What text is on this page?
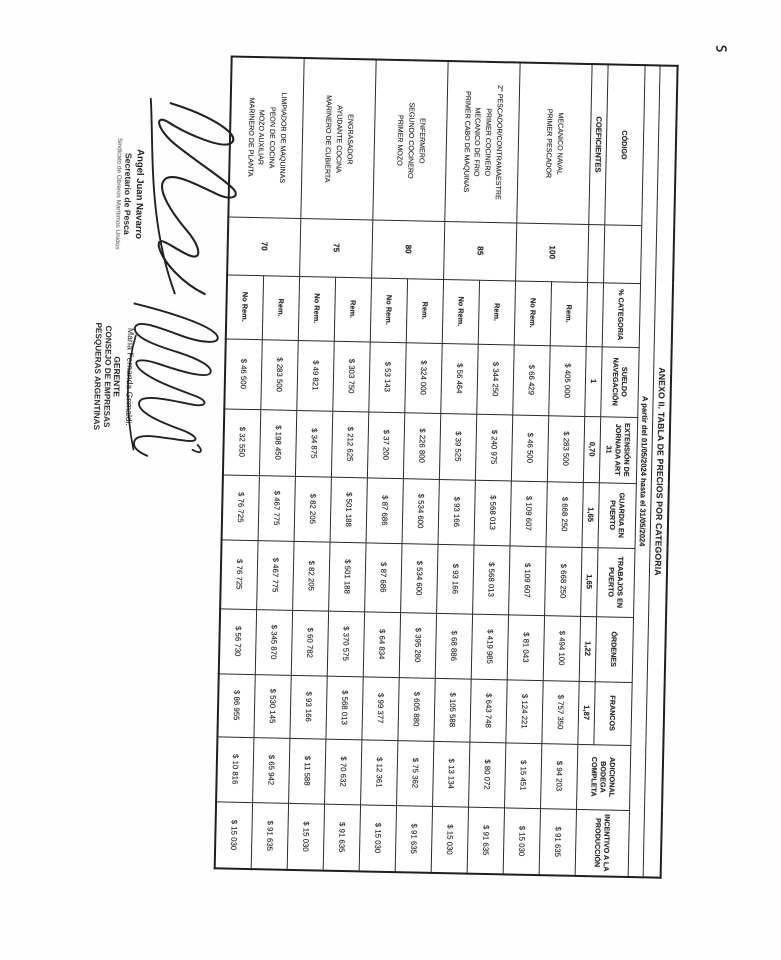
ANEXO II. TABLA DE PRECIOS POR CATEGORIA										
A partir del 01/05/2024 hasta el 31/05/2024										
CÓDIGO		% CATEGORIA	SUELDO NAVEGACIÓN	EXTENSIÓN DE JORNADA ART 31	GUARDIA EN PUERTO	TRABAJOS EN PUERTO	ÓRDENES	FRANCOS	ADICIONAL BODEGA COMPLETA	INCENTIVO A LA PRODUCCIÓN
COEFICIENTES			1	0,70	1,65	1,65	1,22	1,87		
MECANICO NAVAL
PRIMER PESCADOR	100	Rem.	$ 405 000	$ 283 500	$ 668 250	$ 668 250	$ 494 100	$ 757 350	$ 94 203	$ 91 635
		No Rem.	$ 66 429	$ 46 500	$ 109 607	$ 109 607	$ 81 043	$ 124 221	$ 15 451	$ 15 030
2° PESCADOR/CONTRAMAESTRE
PRIMER COCINERO
MECANICO DE FRIO
PRIMER CABO DE MAQUINAS	85	Rem.	$ 344 250	$ 240 975	$ 568 013	$ 568 013	$ 419 985	$ 643 748	$ 80 072	$ 91 635
		No Rem.	$ 56 464	$ 39 525	$ 93 166	$ 93 166	$ 68 886	$ 105 588	$ 13 134	$ 15 030
ENFERMERO
SEGUNDO COCINERO
PRIMER MOZO	80	Rem.	$ 324 000	$ 226 800	$ 534 600	$ 534 600	$ 395 280	$ 605 880	$ 75 362	$ 91 635
		No Rem.	$ 53 143	$ 37 200	$ 87 686	$ 87 686	$ 64 834	$ 99 377	$ 12 361	$ 15 030
ENGRASADOR
AYUDANTE COCINA
MARINERO DE CUBIERTA	75	Rem.	$ 303 750	$ 212 625	$ 501 188	$ 501 188	$ 370 575	$ 568 013	$ 70 632	$ 91 635
		No Rem.	$ 49 821	$ 34 875	$ 82 205	$ 82 205	$ 60 782	$ 93 166	$ 11 588	$ 15 030
LIMPIADOR DE MAQUINAS
PEON DE COCINA
MOZO AUXILIAR
MARINERO DE PLANTA	70	Rem.	$ 283 500	$ 198 450	$ 467 775	$ 467 775	$ 345 870	$ 530 145	$ 65 942	$ 91 635
		No Rem.	$ 46 500	$ 32 550	$ 76 725	$ 76 725	$ 56 730	$ 86 955	$ 10 816	$ 15 030
Angel Juan Navarro
Secretario de Pesca
Sindicato de Obreros Marítimos Unidos
María Fernanda Grimaldi.
GERENTE
CONSEJO DE EMPRESAS
PESQUERAS ARGENTINAS
